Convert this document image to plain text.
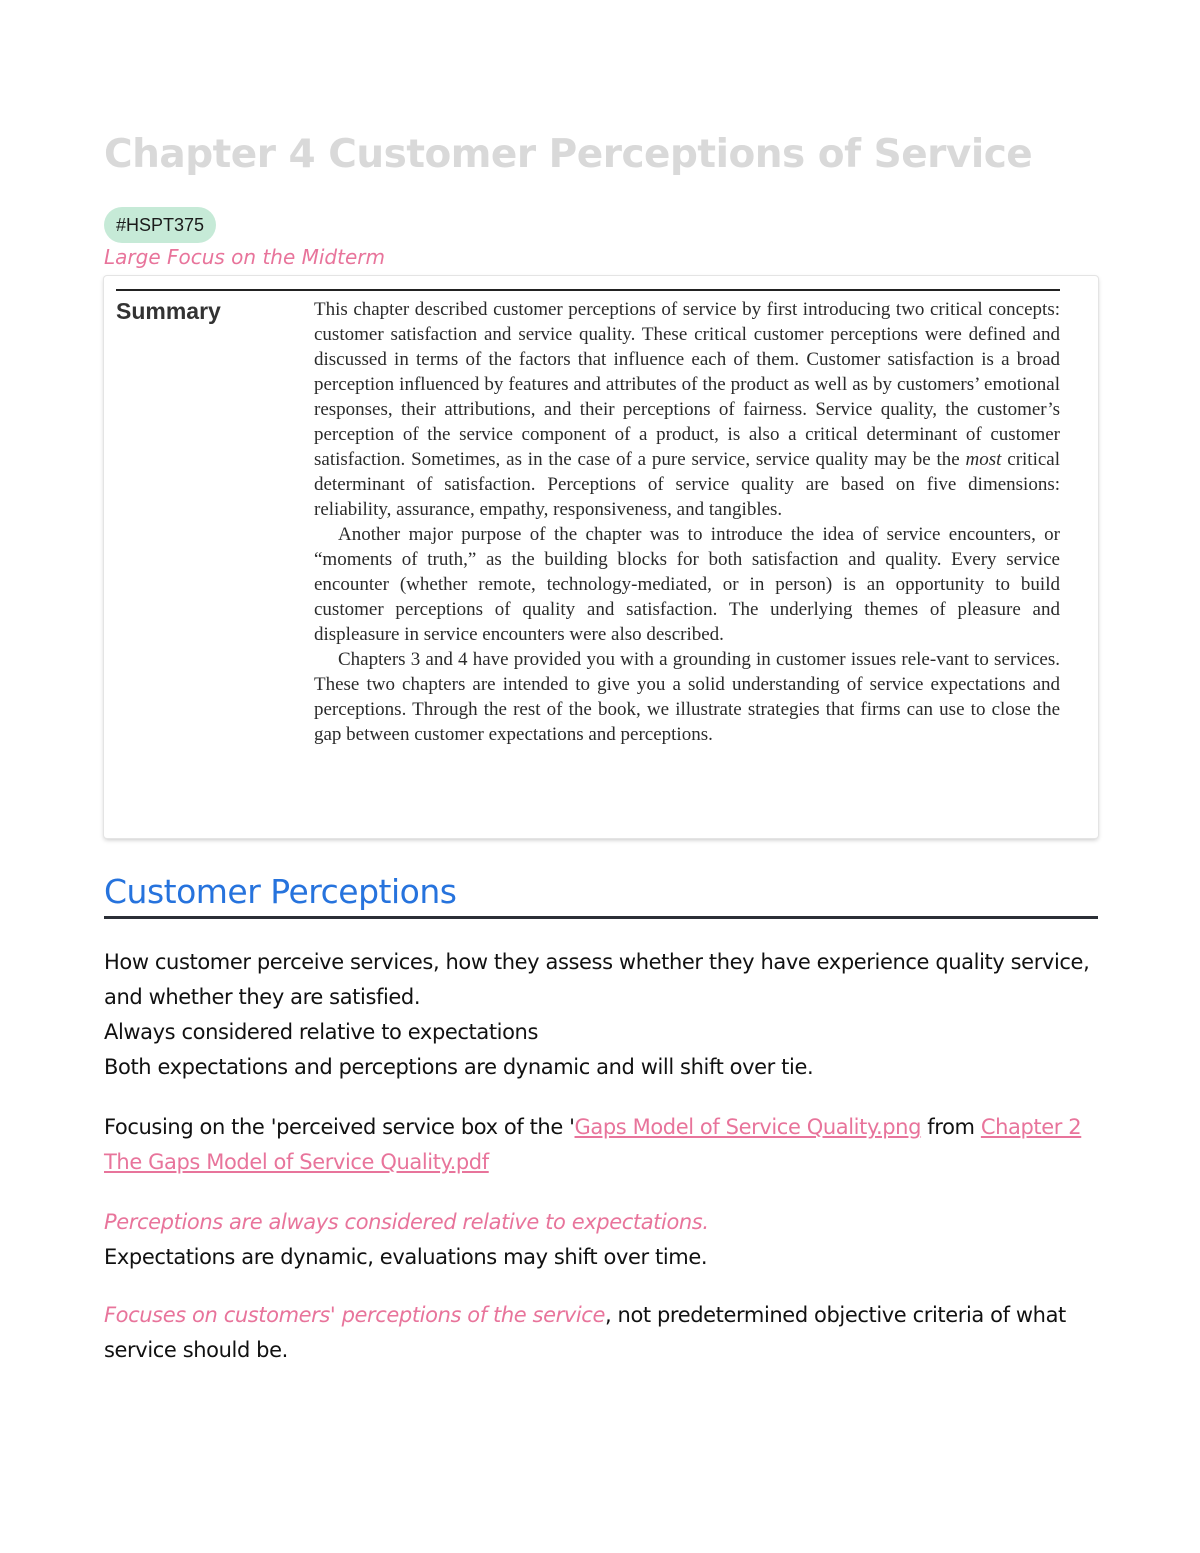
Chapter 4 Customer Perceptions of Service
#HSPT375
Large Focus on the Midterm
Summary	This chapter described customer perceptions of service by first introducing two critical concepts: customer satisfaction and service quality. These critical customer perceptions were defined and discussed in terms of the factors that influence each of them. Customer satisfaction is a broad perception influenced by features and attributes of the product as well as by customers’ emotional responses, their attributions, and their perceptions of fairness. Service quality, the customer’s perception of the service component of a product, is also a critical determinant of customer satisfaction. Sometimes, as in the case of a pure service, service quality may be the most critical determinant of satisfaction. Perceptions of service quality are based on five dimensions: reliability, assurance, empathy, responsiveness, and tangibles.

Another major purpose of the chapter was to introduce the idea of service encounters, or “moments of truth,” as the building blocks for both satisfaction and quality. Every service encounter (whether remote, technology-mediated, or in person) is an opportunity to build customer perceptions of quality and satisfaction. The underlying themes of pleasure and displeasure in service encounters were also described.

Chapters 3 and 4 have provided you with a grounding in customer issues rele-vant to services. These two chapters are intended to give you a solid understanding of service expectations and perceptions. Through the rest of the book, we illustrate strategies that firms can use to close the gap between customer expectations and perceptions.

Customer Perceptions

How customer perceive services, how they assess whether they have experience quality service, and whether they are satisfied.

Always considered relative to expectations

Both expectations and perceptions are dynamic and will shift over tie.

Focusing on the 'perceived service box of the 'Gaps Model of Service Quality.png from Chapter 2 The Gaps Model of Service Quality.pdf

Perceptions are always considered relative to expectations.

Expectations are dynamic, evaluations may shift over time.

Focuses on customers' perceptions of the service, not predetermined objective criteria of what service should be.
